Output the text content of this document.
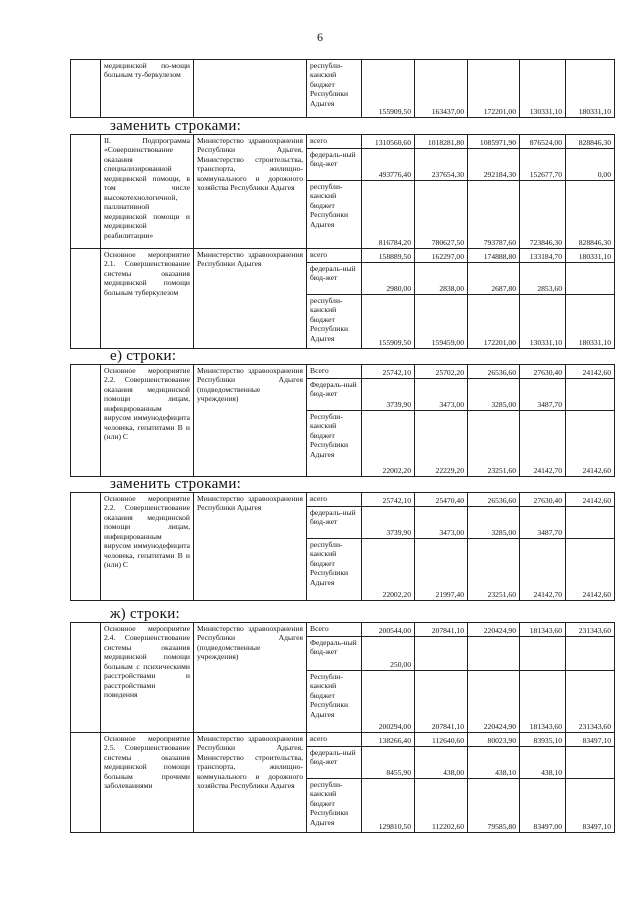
6
заменить строками:
е) строки:
заменить строками:
ж) строки:
	медицинской по-мощи больным ту-беркулезом		республи-канский бюджет Республики Адыгея	155909,50	163437,00	172201,00	130331,10	180331,10
	II. Подпрограмма «Совершенствование оказания специализированной медицинской помощи, в том числе высокотехнологичной, паллиативной медицинской помощи и медицинской реабилитации»	Министерство здравоохранения Республики Адыгея, Министерство строительства, транспорта, жилищно-коммунального и дорожного хозяйства Республики Адыгея	всего	1310560,60	1018281,80	1085971,90	876524,00	828846,30
			федераль-ный бюд-жет	493776,40	237654,30	292184,30	152677,70	0,00
			республи-канский бюджет Республики Адыгея	816784,20	780627,50	793787,60	723846,30	828846,30
	Основное мероприятие 2.1. Совершенствование системы оказания медицинской помощи больным туберкулезом	Министерство здравоохранения Республики Адыгея	всего	158889,50	162297,00	174888,80	133184,70	180331,10
			федераль-ный бюд-жет	2980,00	2838,00	2687,80	2853,60	
			республи-канский бюджет Республики Адыгея	155909,50	159459,00	172201,00	130331,10	180331,10
	Основное мероприятие 2.2. Совершенствование оказания медицинской помощи лицам, инфицированным вирусом иммунодефицита человека, гепатитами В и (или) С	Министерство здравоохранения Республики Адыгея (подведомственные учреждения)	Всего	25742,10	25702,20	26536,60	27630,40	24142,60
			Федераль-ный бюд-жет	3739,90	3473,00	3285,00	3487,70	
			Республи-канский бюджет Республики Адыгея	22002,20	22229,20	23251,60	24142,70	24142,60
	Основное мероприятие 2.2. Совершенствование оказания медицинской помощи лицам, инфицированным вирусом иммунодефицита человека, гепатитами В и (или) С	Министерство здравоохранения Республики Адыгея	всего	25742,10	25470,40	26536,60	27630,40	24142,60
			федераль-ный бюд-жет	3739,90	3473,00	3285,00	3487,70	
			республи-канский бюджет Республики Адыгея	22002,20	21997,40	23251,60	24142,70	24142,60
	Основное мероприятие 2.4. Совершенствование системы оказания медицинской помощи больным с психическими расстройствами и расстройствами поведения	Министерство здравоохранения Республики Адыгея (подведомственные учреждения)	Всего	200544,00	207841,10	220424,90	181343,60	231343,60
			Федераль-ный бюд-жет	250,00				
			Республи-канский бюджет Республики Адыгея	200294,00	207841,10	220424,90	181343,60	231343,60
	Основное мероприятие 2.5. Совершенствование системы оказания медицинской помощи больным прочими заболеваниями	Министерство здравоохранения Республики Адыгея, Министерство строительства, транспорта, жилищно-коммунального и дорожного хозяйства Республики Адыгея	всего	138266,40	112640,60	80023,90	83935,10	83497,10
			федераль-ный бюд-жет	8455,90	438,00	438,10	438,10	
			республи-канский бюджет Республики Адыгея	129810,50	112202,60	79585,80	83497,00	83497,10
